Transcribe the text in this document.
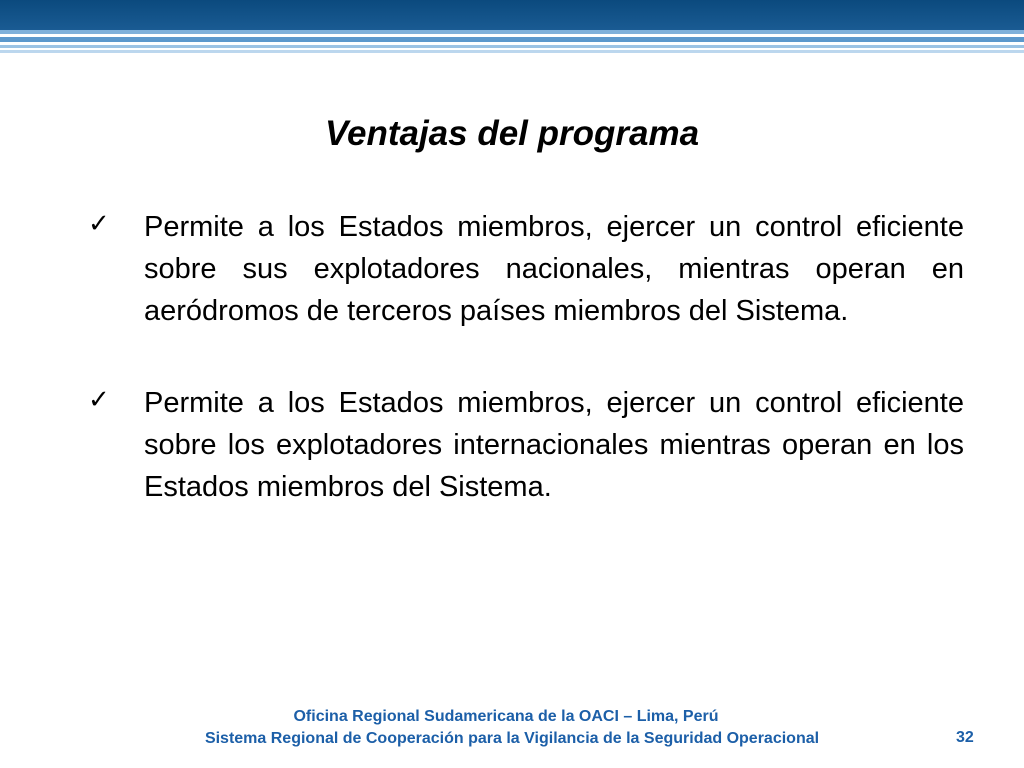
Ventajas del programa
✓ Permite a los Estados miembros, ejercer un control eficiente sobre sus explotadores nacionales, mientras operan en aeródromos de terceros países miembros del Sistema.
✓ Permite a los Estados miembros, ejercer un control eficiente sobre los explotadores internacionales mientras operan en los Estados miembros del Sistema.
Oficina Regional Sudamericana de la OACI – Lima, Perú
Sistema Regional de Cooperación para la Vigilancia de la Seguridad Operacional	32
